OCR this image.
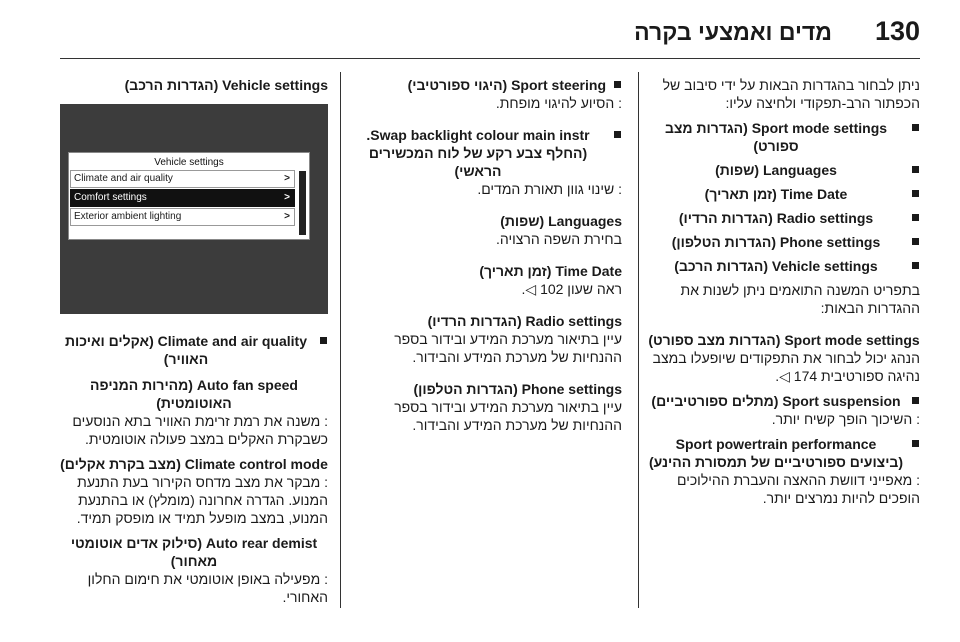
130
מדים ואמצעי בקרה

ניתן לבחור בהגדרות הבאות על ידי סיבוב של הכפתור הרב-תפקודי ולחיצה עליו:

Sport mode settings (הגדרות מצב ספורט)

Languages (שפות)

Time Date (זמן תאריך)

Radio settings (הגדרות הרדיו)

Phone settings (הגדרות הטלפון)

Vehicle settings (הגדרות הרכב)

בתפריט המשנה התואמים ניתן לשנות את ההגדרות הבאות:

Sport mode settings (הגדרות מצב ספורט)

הנהג יכול לבחור את התפקודים שיופעלו במצב נהיגה ספורטיבית 174 ◁.

Sport suspension (מתלים ספורטיביים)

: השיכוך הופך קשיח יותר.

Sport powertrain performance (ביצועים ספורטיביים של תמסורת ההינע)

: מאפייני דוושת ההאצה והעברת ההילוכים הופכים להיות נמרצים יותר.

Sport steering (היגוי ספורטיבי)

: הסיוע להיגוי מופחת.

Swap backlight colour main instr. (החלף צבע רקע של לוח המכשירים הראשי)

: שינוי גוון תאורת המדים.

Languages (שפות)

בחירת השפה הרצויה.

Time Date (זמן תאריך)

ראה שעון 102 ◁.

Radio settings (הגדרות הרדיו)

עיין בתיאור מערכת המידע ובידור בספר ההנחיות של מערכת המידע והבידור.

Phone settings (הגדרות הטלפון)

עיין בתיאור מערכת המידע ובידור בספר ההנחיות של מערכת המידע והבידור.

Vehicle settings (הגדרות הרכב)

Vehicle settings
Climate and air quality	>
Comfort settings	>
Exterior ambient lighting	>

Climate and air quality (אקלים ואיכות האוויר)

Auto fan speed (מהירות המניפה האוטומטית)

: משנה את רמת זרימת האוויר בתא הנוסעים כשבקרת האקלים במצב פעולה אוטומטית.

Climate control mode (מצב בקרת אקלים)

: מבקר את מצב מדחס הקירור בעת התנעת המנוע. הגדרה אחרונה (מומלץ) או בהתנעת המנוע, במצב מופעל תמיד או מופסק תמיד.

Auto rear demist (סילוק אדים אוטומטי מאחור)

: מפעילה באופן אוטומטי את חימום החלון האחורי.
